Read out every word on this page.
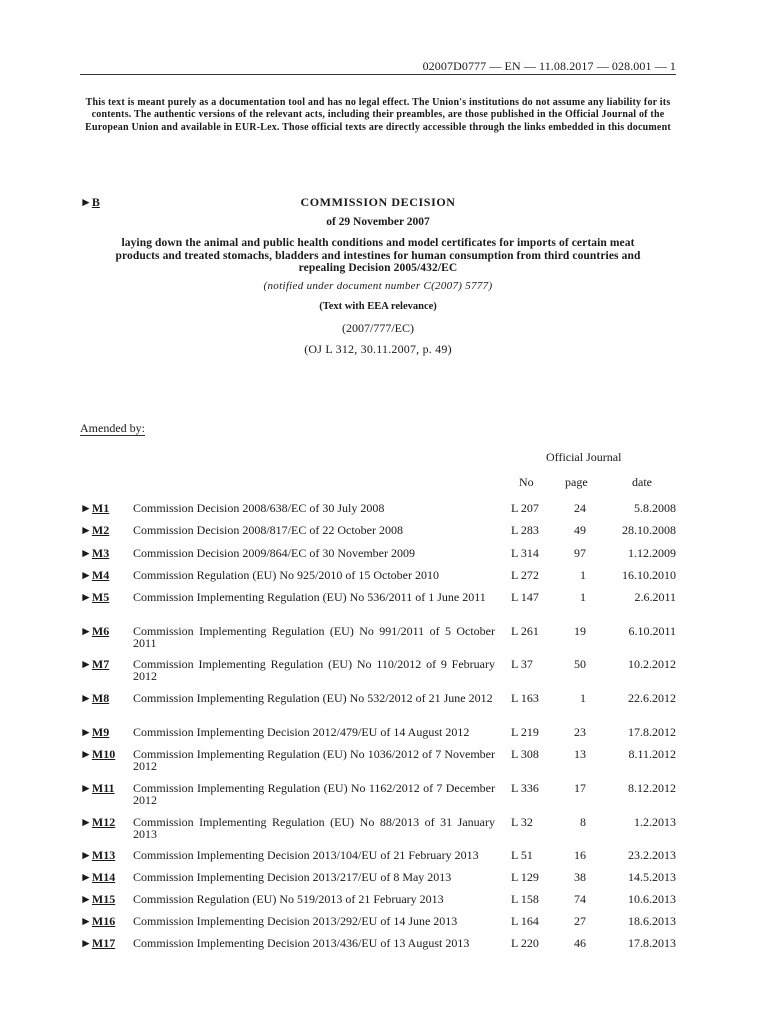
02007D0777 — EN — 11.08.2017 — 028.001 — 1
This text is meant purely as a documentation tool and has no legal effect. The Union's institutions do not assume any liability for its contents. The authentic versions of the relevant acts, including their preambles, are those published in the Official Journal of the European Union and available in EUR-Lex. Those official texts are directly accessible through the links embedded in this document
►B	COMMISSION DECISION
of 29 November 2007
laying down the animal and public health conditions and model certificates for imports of certain meat products and treated stomachs, bladders and intestines for human consumption from third countries and repealing Decision 2005/432/EC
(notified under document number C(2007) 5777)
(Text with EEA relevance)
(2007/777/EC)
(OJ L 312, 30.11.2007, p. 49)
Amended by:
Official Journal
No	page	date
►M1 Commission Decision 2008/638/EC of 30 July 2008	L 207	24	5.8.2008
►M2 Commission Decision 2008/817/EC of 22 October 2008	L 283	49	28.10.2008
►M3 Commission Decision 2009/864/EC of 30 November 2009	L 314	97	1.12.2009
►M4 Commission Regulation (EU) No 925/2010 of 15 October 2010	L 272	1	16.10.2010
►M5 Commission Implementing Regulation (EU) No 536/2011 of 1 June 2011	L 147	1	2.6.2011
►M6 Commission Implementing Regulation (EU) No 991/2011 of 5 October 2011
L 261	19	6.10.2011
►M7 Commission Implementing Regulation (EU) No 110/2012 of 9 February 2012
L 37	50	10.2.2012
►M8 Commission Implementing Regulation (EU) No 532/2012 of 21 June 2012 L 163	1	22.6.2012
►M9 Commission Implementing Decision 2012/479/EU of 14 August 2012	L 219	23	17.8.2012
►M10 Commission Implementing Regulation (EU) No 1036/2012 of 7 November 2012
L 308	13	8.11.2012
►M11 Commission Implementing Regulation (EU) No 1162/2012 of 7 December 2012
L 336	17	8.12.2012
►M12 Commission Implementing Regulation (EU) No 88/2013 of 31 January 2013
L 32	8	1.2.2013
►M13 Commission Implementing Decision 2013/104/EU of 21 February 2013	L 51	16	23.2.2013
►M14 Commission Implementing Decision 2013/217/EU of 8 May 2013	L 129	38	14.5.2013
►M15 Commission Regulation (EU) No 519/2013 of 21 February 2013	L 158	74	10.6.2013
►M16 Commission Implementing Decision 2013/292/EU of 14 June 2013	L 164	27	18.6.2013
►M17 Commission Implementing Decision 2013/436/EU of 13 August 2013	L 220	46	17.8.2013
